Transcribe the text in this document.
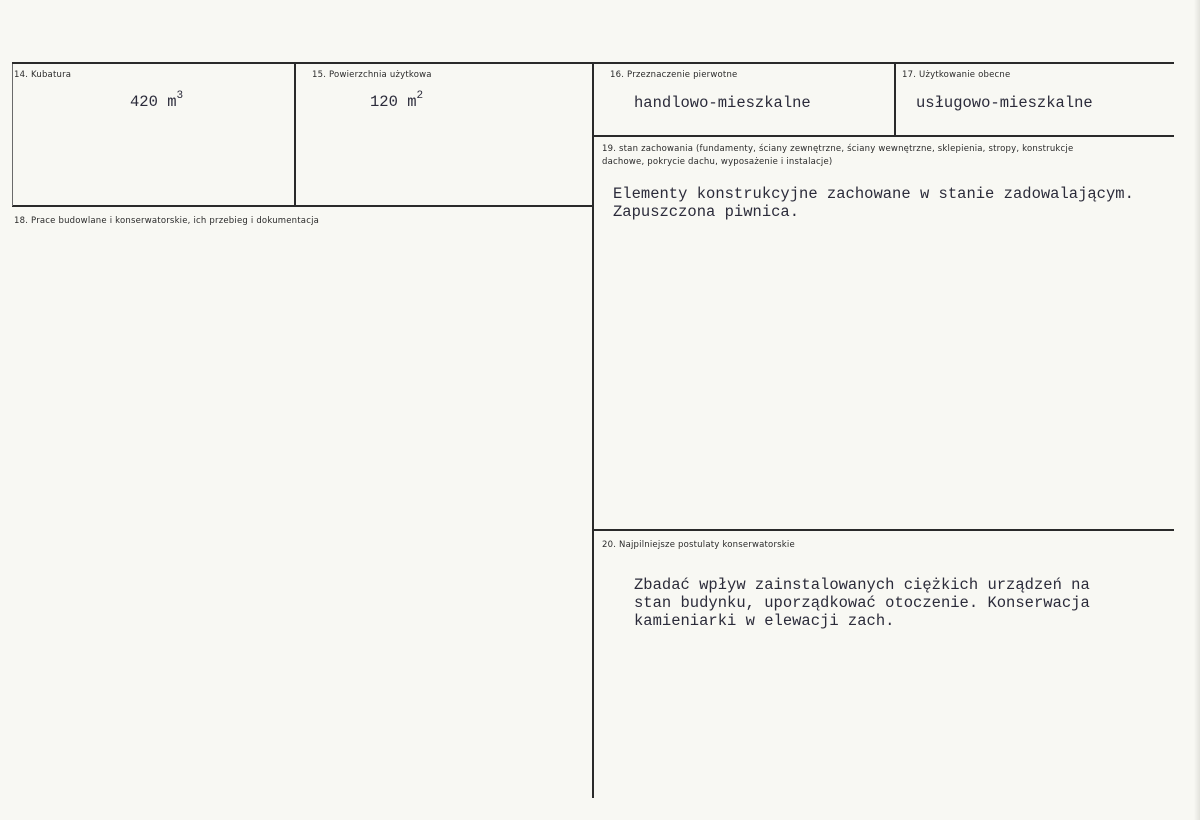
14. Kubatura
420 $m^3$
15. Powierzchnia użytkowa
120 $m^2$
16. Przeznaczenie pierwotne
handlowo-mieszkalne
17. Użytkowanie obecne
usługowo-mieszkalne
18. Prace budowlane i konserwatorskie, ich przebieg i dokumentacja
19. stan zachowania (fundamenty, ściany zewnętrzne, ściany wewnętrzne, sklepienia, stropy, konstrukcje dachowe, pokrycie dachu, wyposażenie i instalacje)
Elementy konstrukcyjne zachowane w stanie zadowalającym.
Zapuszczona piwnica.
20. Najpilniejsze postulaty konserwatorskie
Zbadać wpływ zainstalowanych ciężkich urządzeń na
stan budynku, uporządkować otoczenie. Konserwacja
kamieniarki w elewacji zach.
